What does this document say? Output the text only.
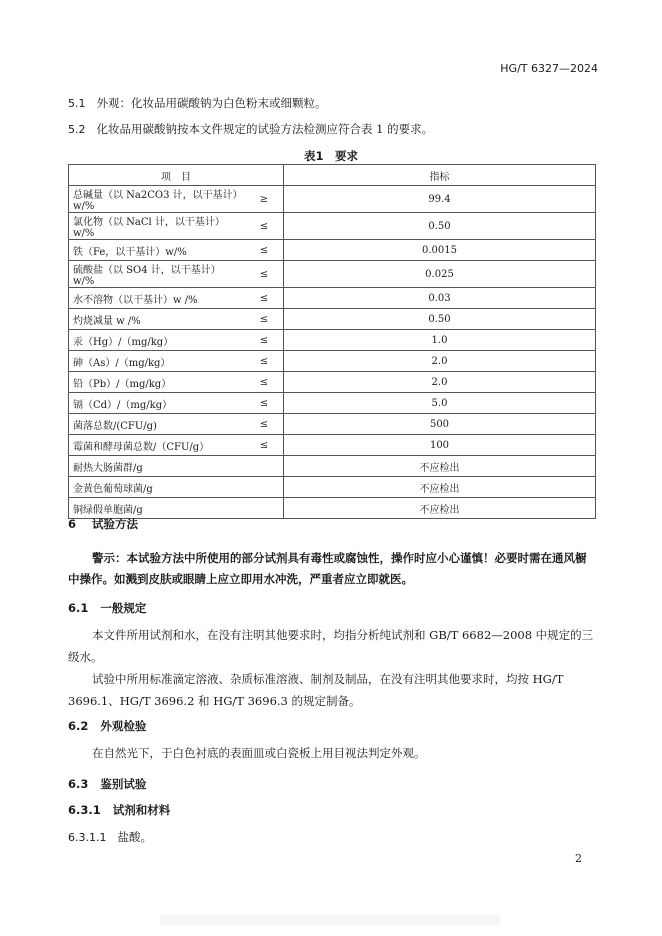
HG/T 6327—2024
5.1 外观：化妆品用碳酸钠为白色粉末或细颗粒。
5.2 化妆品用碳酸钠按本文件规定的试验方法检测应符合表 1 的要求。
表1　要求
项　目		指标
总碱量（以 Na2CO3 计，以干基计）w/%	≥	99.4
氯化物（以 NaCl 计，以干基计）w/%	≤	0.50
铁（Fe，以干基计）w/%	≤	0.0015
硫酸盐（以 SO4 计，以干基计）w/%	≤	0.025
水不溶物（以干基计）w /%	≤	0.03
灼烧减量 w /%	≤	0.50
汞（Hg）/（mg/kg）	≤	1.0
砷（As）/（mg/kg）	≤	2.0
铅（Pb）/（mg/kg）	≤	2.0
镉（Cd）/（mg/kg）	≤	5.0
菌落总数/(CFU/g)	≤	500
霉菌和酵母菌总数/（CFU/g）	≤	100
耐热大肠菌群/g		不应检出
金黄色葡萄球菌/g		不应检出
铜绿假单胞菌/g		不应检出
6 试验方法
警示：本试验方法中所使用的部分试剂具有毒性或腐蚀性，操作时应小心谨慎！必要时需在通风橱中操作。如溅到皮肤或眼睛上应立即用水冲洗，严重者应立即就医。
6.1 一般规定
本文件所用试剂和水，在没有注明其他要求时，均指分析纯试剂和 GB/T 6682—2008 中规定的三级水。
试验中所用标准滴定溶液、杂质标准溶液、制剂及制品，在没有注明其他要求时，均按 HG/T 3696.1、HG/T 3696.2 和 HG/T 3696.3 的规定制备。
6.2 外观检验
在自然光下，于白色衬底的表面皿或白瓷板上用目视法判定外观。
6.3 鉴别试验
6.3.1 试剂和材料
6.3.1.1 盐酸。
2
